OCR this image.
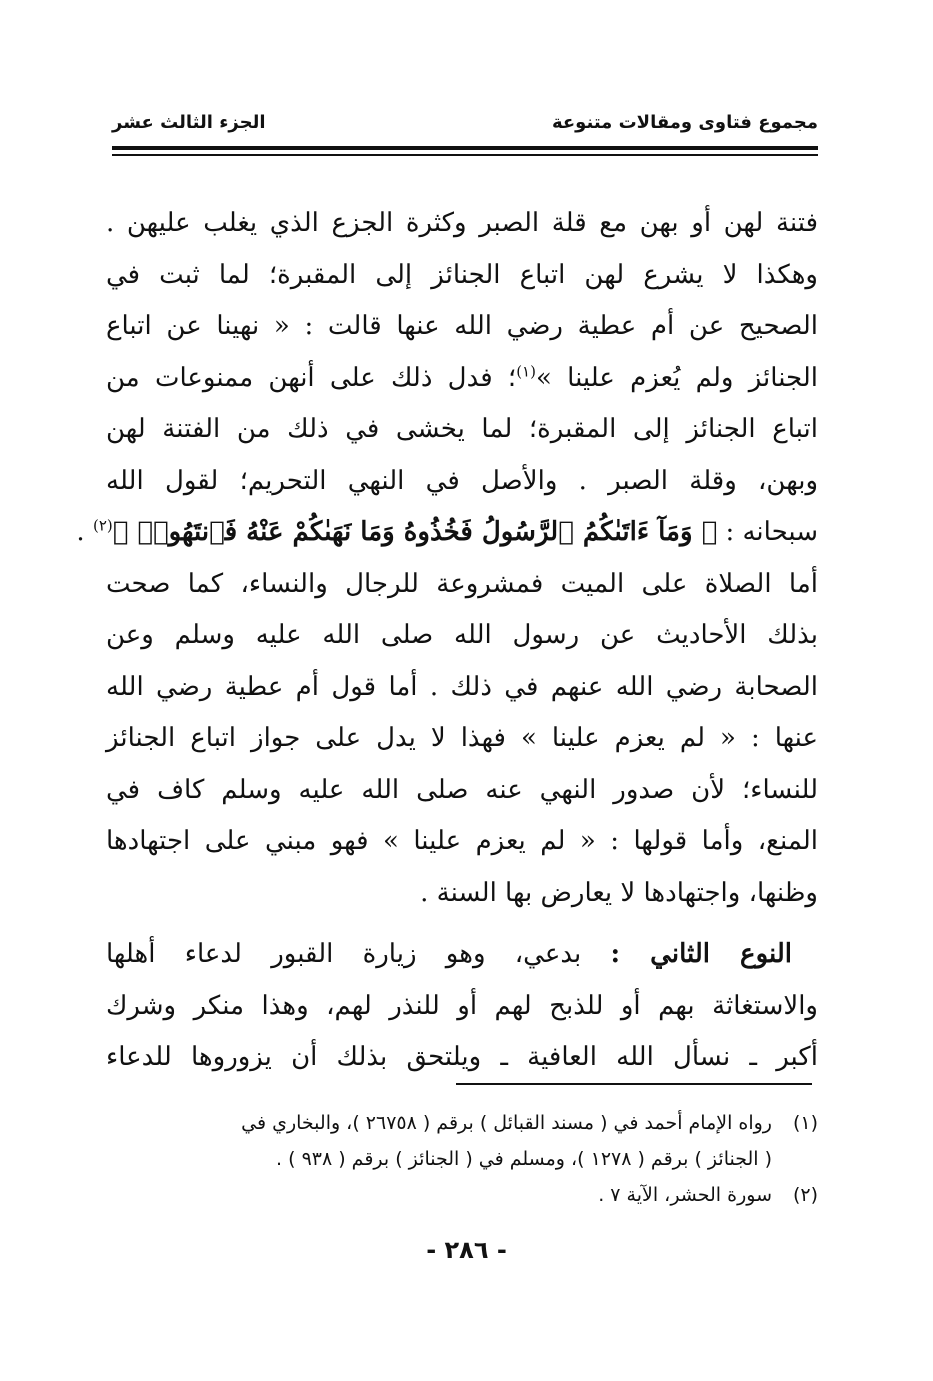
مجموع فتاوى ومقالات متنوعة
الجزء الثالث عشر
فتنة لهن أو بهن مع قلة الصبر وكثرة الجزع الذي يغلب عليهن .
وهكذا لا يشرع لهن اتباع الجنائز إلى المقبرة؛ لما ثبت في
الصحيح عن أم عطية رضي الله عنها قالت : « نهينا عن اتباع
الجنائز ولم يُعزم علينا »$^{(١)}$؛ فدل ذلك على أنهن ممنوعات من
اتباع الجنائز إلى المقبرة؛ لما يخشى في ذلك من الفتنة لهن
وبهن، وقلة الصبر . والأصل في النهي التحريم؛ لقول الله
سبحانه : ﴿ وَمَآ ءَاتَىٰكُمُ ٱلرَّسُولُ فَخُذُوهُ وَمَا نَهَىٰكُمْ عَنْهُ فَٱنتَهُوا۟ ﴾$^{(٢)}$ .
أما الصلاة على الميت فمشروعة للرجال والنساء، كما صحت
بذلك الأحاديث عن رسول الله صلى الله عليه وسلم وعن
الصحابة رضي الله عنهم في ذلك . أما قول أم عطية رضي الله
عنها : « لم يعزم علينا » فهذا لا يدل على جواز اتباع الجنائز
للنساء؛ لأن صدور النهي عنه صلى الله عليه وسلم كاف في
المنع، وأما قولها : « لم يعزم علينا » فهو مبني على اجتهادها
وظنها، واجتهادها لا يعارض بها السنة .
 النوع الثاني : بدعي، وهو زيارة القبور لدعاء أهلها
والاستغاثة بهم أو للذبح لهم أو للنذر لهم، وهذا منكر وشرك
أكبر ـ نسأل الله العافية ـ ويلتحق بذلك أن يزوروها للدعاء
(١)رواه الإمام أحمد في ( مسند القبائل ) برقم ( ٢٦٧٥٨ )، والبخاري في
( الجنائز ) برقم ( ١٢٧٨ )، ومسلم في ( الجنائز ) برقم ( ٩٣٨ ) .
(٢)سورة الحشر، الآية ٧ .
- ٢٨٦ -
